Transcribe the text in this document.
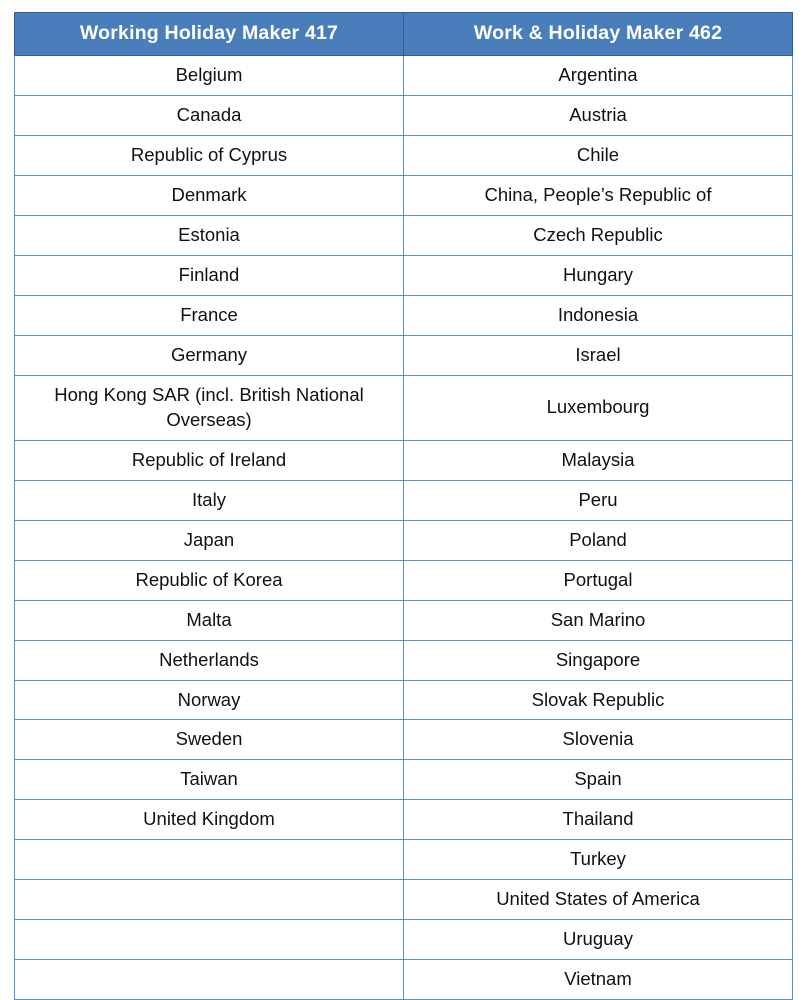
Working Holiday Maker 417	Work & Holiday Maker 462
Belgium	Argentina
Canada	Austria
Republic of Cyprus	Chile
Denmark	China, People’s Republic of
Estonia	Czech Republic
Finland	Hungary
France	Indonesia
Germany	Israel
Hong Kong SAR (incl. British National Overseas)	Luxembourg
Republic of Ireland	Malaysia
Italy	Peru
Japan	Poland
Republic of Korea	Portugal
Malta	San Marino
Netherlands	Singapore
Norway	Slovak Republic
Sweden	Slovenia
Taiwan	Spain
United Kingdom	Thailand
	Turkey
	United States of America
	Uruguay
	Vietnam
